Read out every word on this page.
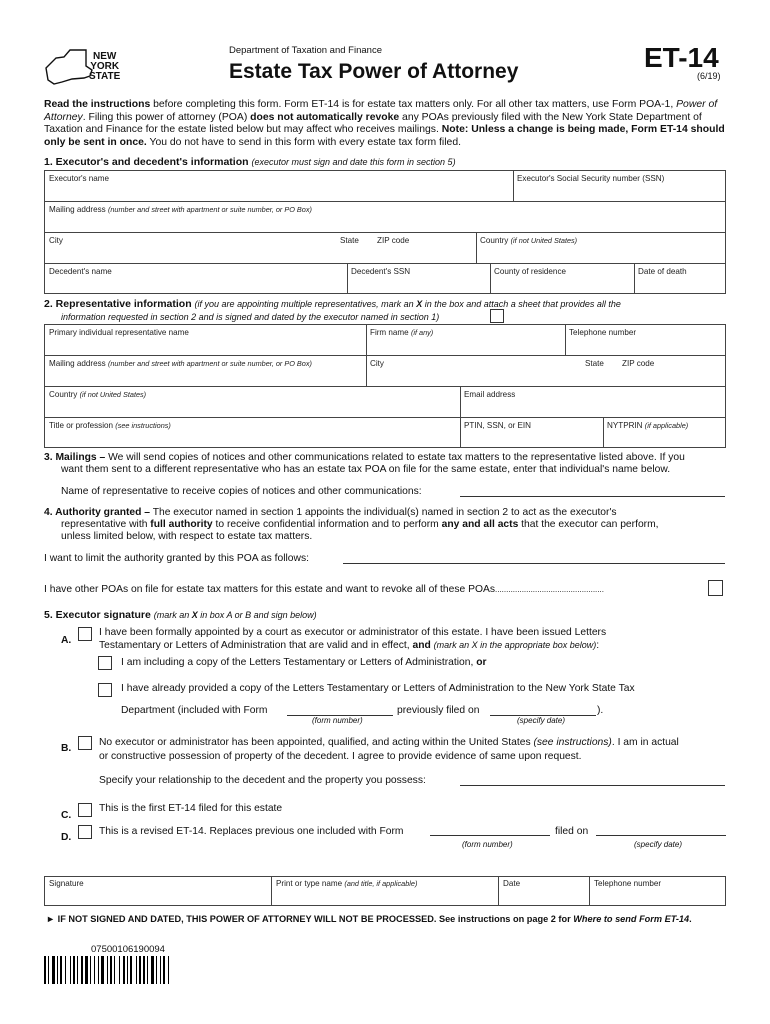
NEW
YORK
STATE
Department of Taxation and Finance
Estate Tax Power of Attorney	ET-14
(6/19)
Read the instructions before completing this form. Form ET-14 is for estate tax matters only. For all other tax matters, use Form POA-1, Power of Attorney. Filing this power of attorney (POA) does not automatically revoke any POAs previously filed with the New York State Department of Taxation and Finance for the estate listed below but may affect who receives mailings. Note: Unless a change is being made, Form ET-14 should only be sent in once. You do not have to send in this form with every estate tax form filed.
1. Executor's and decedent's information (executor must sign and date this form in section 5)
Executor's name	Executor's Social Security number (SSN)
Mailing address (number and street with apartment or suite number, or PO Box)
City	State ZIP code	Country (if not United States)
Decedent's name	Decedent's SSN	County of residence	Date of death
2. Representative information (if you are appointing multiple representatives, mark an X in the box and attach a sheet that provides all the
information requested in section 2 and is signed and dated by the executor named in section 1)
Primary individual representative name	Firm name (if any)	Telephone number
Mailing address (number and street with apartment or suite number, or PO Box)	City	State ZIP code
Country (if not United States)	Email address
Title or profession (see instructions)	PTIN, SSN, or EIN	NYTPRIN (if applicable)
3. Mailings – We will send copies of notices and other communications related to estate tax matters to the representative listed above. If you
want them sent to a different representative who has an estate tax POA on file for the same estate, enter that individual's name below.
Name of representative to receive copies of notices and other communications:
4. Authority granted – The executor named in section 1 appoints the individual(s) named in section 2 to act as the executor's
representative with full authority to receive confidential information and to perform any and all acts that the executor can perform,
unless limited below, with respect to estate tax matters.
I want to limit the authority granted by this POA as follows:
I have other POAs on file for estate tax matters for this estate and want to revoke all of these POAs.................................................
5. Executor signature (mark an X in box A or B and sign below)
A.
I have been formally appointed by a court as executor or administrator of this estate. I have been issued Letters
Testamentary or Letters of Administration that are valid and in effect, and (mark an X in the appropriate box below):
I am including a copy of the Letters Testamentary or Letters of Administration, or
I have already provided a copy of the Letters Testamentary or Letters of Administration to the New York State Tax
Department (included with Form	previously filed on	).
(form number)	(specify date)
B.
No executor or administrator has been appointed, qualified, and acting within the United States (see instructions). I am in actual
or constructive possession of property of the decedent. I agree to provide evidence of same upon request.
Specify your relationship to the decedent and the property you possess:
C.
This is the first ET-14 filed for this estate
D.
This is a revised ET-14. Replaces previous one included with Form	filed on
(form number)	(specify date)
Signature	Print or type name (and title, if applicable)	Date	Telephone number
► IF NOT SIGNED AND DATED, THIS POWER OF ATTORNEY WILL NOT BE PROCESSED. See instructions on page 2 for Where to send Form ET-14.
07500106190094
